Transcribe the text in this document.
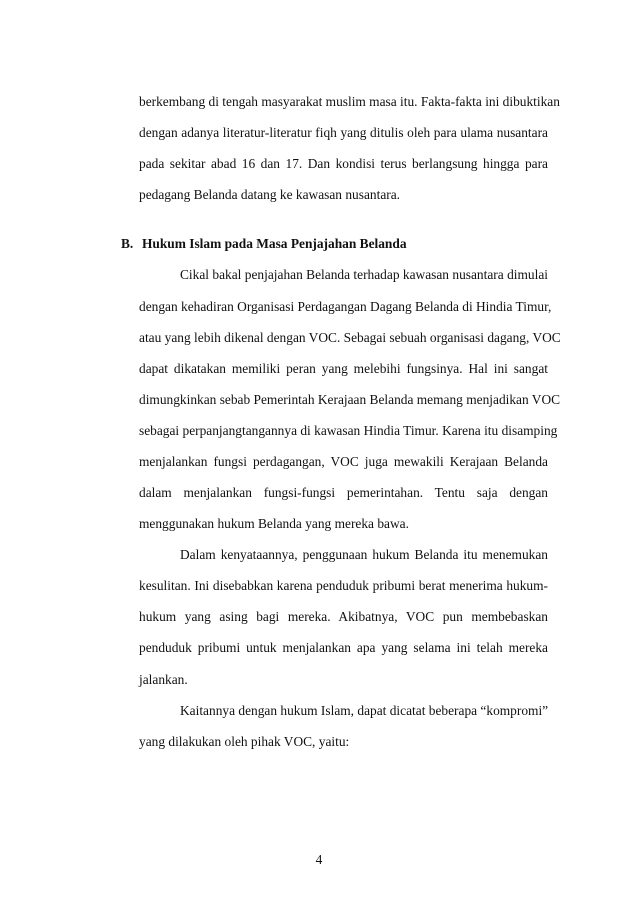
berkembang di tengah masyarakat muslim masa itu. Fakta-fakta ini dibuktikan
dengan adanya literatur-literatur fiqh yang ditulis oleh para ulama nusantara
pada sekitar abad 16 dan 17. Dan kondisi terus berlangsung hingga para
pedagang Belanda datang ke kawasan nusantara.
B. Hukum Islam pada Masa Penjajahan Belanda
Cikal bakal penjajahan Belanda terhadap kawasan nusantara dimulai
dengan kehadiran Organisasi Perdagangan Dagang Belanda di Hindia Timur,
atau yang lebih dikenal dengan VOC. Sebagai sebuah organisasi dagang, VOC
dapat dikatakan memiliki peran yang melebihi fungsinya. Hal ini sangat
dimungkinkan sebab Pemerintah Kerajaan Belanda memang menjadikan VOC
sebagai perpanjangtangannya di kawasan Hindia Timur. Karena itu disamping
menjalankan fungsi perdagangan, VOC juga mewakili Kerajaan Belanda
dalam menjalankan fungsi-fungsi pemerintahan. Tentu saja dengan
menggunakan hukum Belanda yang mereka bawa.
Dalam kenyataannya, penggunaan hukum Belanda itu menemukan
kesulitan. Ini disebabkan karena penduduk pribumi berat menerima hukum-
hukum yang asing bagi mereka. Akibatnya, VOC pun membebaskan
penduduk pribumi untuk menjalankan apa yang selama ini telah mereka
jalankan.
Kaitannya dengan hukum Islam, dapat dicatat beberapa “kompromi”
yang dilakukan oleh pihak VOC, yaitu:
4
